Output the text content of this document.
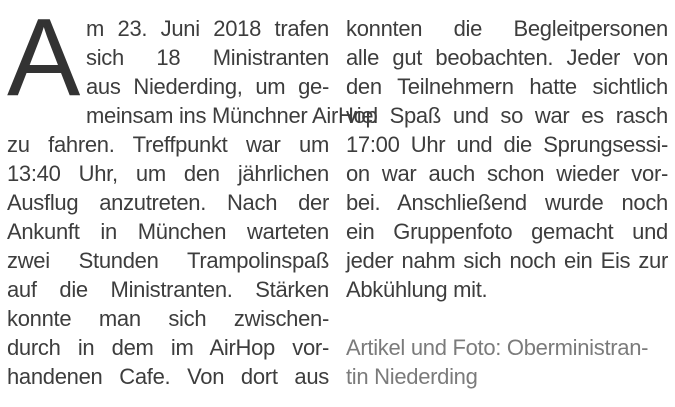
A m 23. Juni 2018 trafen
sich 18 Ministranten
aus Niederding, um ge-
meinsam ins Münchner AirHop
zu fahren. Treffpunkt war um
13:40 Uhr, um den jährlichen
Ausflug anzutreten. Nach der
Ankunft in München warteten
zwei Stunden Trampolinspaß
auf die Ministranten. Stärken
konnte man sich zwischen-
durch in dem im AirHop vor-
handenen Cafe. Von dort aus
konnten die Begleitpersonen
alle gut beobachten. Jeder von
den Teilnehmern hatte sichtlich
viel Spaß und so war es rasch
17:00 Uhr und die Sprungsessi-
on war auch schon wieder vor-
bei. Anschließend wurde noch
ein Gruppenfoto gemacht und
jeder nahm sich noch ein Eis zur
Abkühlung mit.
Artikel und Foto: Oberministran-
tin Niederding
